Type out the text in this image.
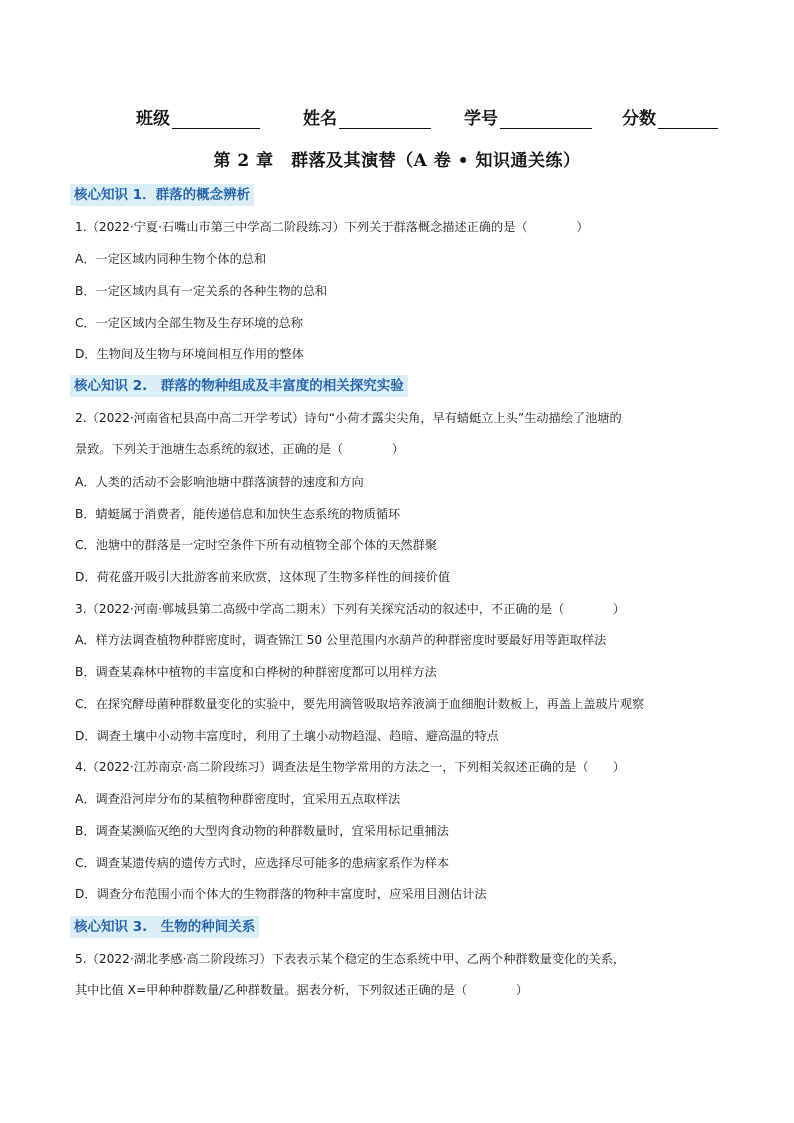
班级	姓名	学号	分数
第 2 章　群落及其演替（A 卷 • 知识通关练）
核心知识 1．群落的概念辨析
1.（2022·宁夏·石嘴山市第三中学高二阶段练习）下列关于群落概念描述正确的是（　　　　）
A．一定区域内同种生物个体的总和
B．一定区域内具有一定关系的各种生物的总和
C．一定区域内全部生物及生存环境的总称
D．生物间及生物与环境间相互作用的整体
核心知识 2.　群落的物种组成及丰富度的相关探究实验
2.（2022·河南省杞县高中高二开学考试）诗句“小荷才露尖尖角，早有蜻蜓立上头”生动描绘了池塘的
景致。下列关于池塘生态系统的叙述，正确的是（　　　　）
A．人类的活动不会影响池塘中群落演替的速度和方向
B．蜻蜓属于消费者，能传递信息和加快生态系统的物质循环
C．池塘中的群落是一定时空条件下所有动植物全部个体的天然群聚
D．荷花盛开吸引大批游客前来欣赏，这体现了生物多样性的间接价值
3.（2022·河南·郸城县第二高级中学高二期末）下列有关探究活动的叙述中，不正确的是（　　　　）
A．样方法调查植物种群密度时，调查锦江 50 公里范围内水葫芦的种群密度时要最好用等距取样法
B．调查某森林中植物的丰富度和白桦树的种群密度都可以用样方法
C．在探究酵母菌种群数量变化的实验中，要先用滴管吸取培养液滴于血细胞计数板上，再盖上盖玻片观察
D．调查土壤中小动物丰富度时，利用了土壤小动物趋湿、趋暗、避高温的特点
4.（2022·江苏南京·高二阶段练习）调查法是生物学常用的方法之一，下列相关叙述正确的是（　　）
A．调查沿河岸分布的某植物种群密度时，宜采用五点取样法
B．调查某濒临灭绝的大型肉食动物的种群数量时，宜采用标记重捕法
C．调查某遗传病的遗传方式时，应选择尽可能多的患病家系作为样本
D．调查分布范围小而个体大的生物群落的物种丰富度时，应采用目测估计法
核心知识 3.　生物的种间关系
5.（2022·湖北孝感·高二阶段练习）下表表示某个稳定的生态系统中甲、乙两个种群数量变化的关系，
其中比值 X=甲种种群数量/乙种群数量。据表分析，下列叙述正确的是（　　　　）
